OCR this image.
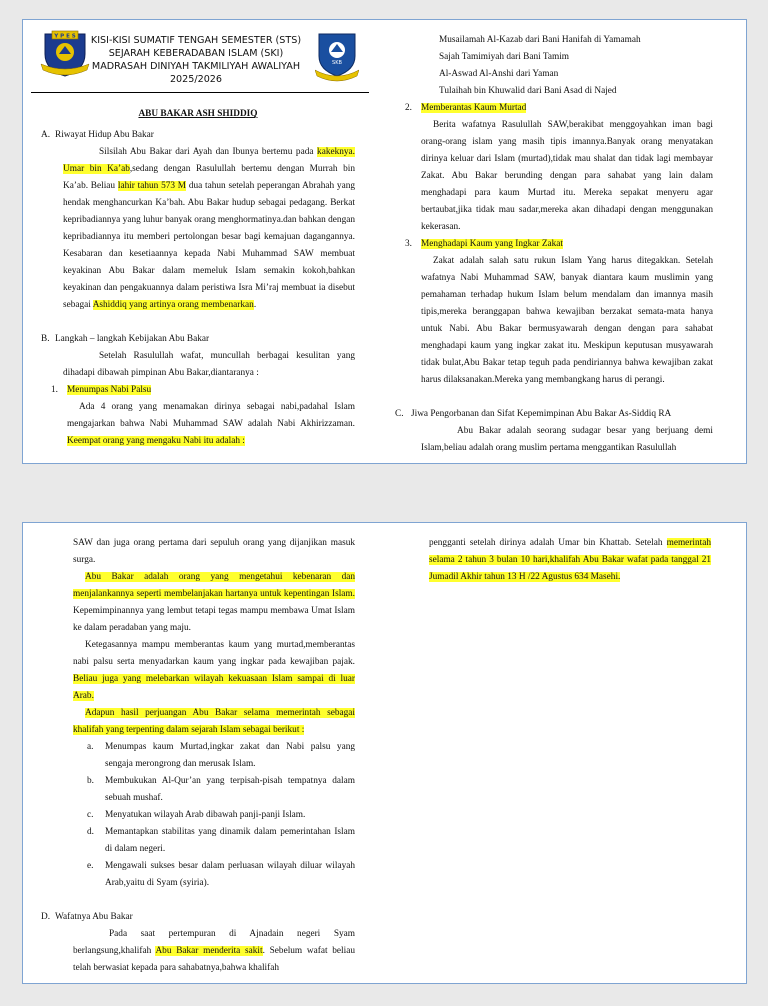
Y P E S	KISI-KISI SUMATIF TENGAH SEMESTER (STS)
SEJARAH KEBERADABAN ISLAM (SKI)
MADRASAH DINIYAH TAKMILIYAH AWALIYAH
2025/2026
SKB

ABU BAKAR ASH SHIDDIQ

A. Riwayat Hidup Abu Bakar

Silsilah Abu Bakar dari Ayah dan Ibunya bertemu pada kakeknya. Umar bin Ka’ab,sedang dengan Rasulullah bertemu dengan Murrah bin Ka’ab. Beliau lahir tahun 573 M dua tahun setelah peperangan Abrahah yang hendak menghancurkan Ka’bah. Abu Bakar hudup sebagai pedagang. Berkat kepribadiannya yang luhur banyak orang menghormatinya.dan bahkan dengan kepribadiannya itu memberi pertolongan besar bagi kemajuan dagangannya. Kesabaran dan kesetiaannya kepada Nabi Muhammad SAW membuat keyakinan Abu Bakar dalam memeluk Islam semakin kokoh,bahkan keyakinan dan pengakuannya dalam peristiwa Isra Mi’raj membuat ia disebut sebagai Ashiddiq yang artinya orang membenarkan.

B. Langkah – langkah Kebijakan Abu Bakar

Setelah Rasulullah wafat, muncullah berbagai kesulitan yang dihadapi dibawah pimpinan Abu Bakar,diantaranya :

1. Menumpas Nabi Palsu

Ada 4 orang yang menamakan dirinya sebagai nabi,padahal Islam mengajarkan bahwa Nabi Muhammad SAW adalah Nabi Akhirizzaman. Keempat orang yang mengaku Nabi itu adalah :

Musailamah Al-Kazab dari Bani Hanifah di Yamamah
Sajah Tamimiyah dari Bani Tamim
Al-Aswad Al-Anshi dari Yaman
Tulaihah bin Khuwalid dari Bani Asad di Najed

2. Memberantas Kaum Murtad

Berita wafatnya Rasulullah SAW,berakibat menggoyahkan iman bagi orang-orang islam yang masih tipis imannya.Banyak orang menyatakan dirinya keluar dari Islam (murtad),tidak mau shalat dan tidak lagi membayar Zakat. Abu Bakar berunding dengan para sahabat yang lain dalam menghadapi para kaum Murtad itu. Mereka sepakat menyeru agar bertaubat,jika tidak mau sadar,mereka akan dihadapi dengan menggunakan kekerasan.

3. Menghadapi Kaum yang Ingkar Zakat

Zakat adalah salah satu rukun Islam Yang harus ditegakkan. Setelah wafatnya Nabi Muhammad SAW, banyak diantara kaum muslimin yang pemahaman terhadap hukum Islam belum mendalam dan imannya masih tipis,mereka beranggapan bahwa kewajiban berzakat semata-mata hanya untuk Nabi. Abu Bakar bermusyawarah dengan dengan para sahabat menghadapi kaum yang ingkar zakat itu. Meskipun keputusan musyawarah tidak bulat,Abu Bakar tetap teguh pada pendiriannya bahwa kewajiban zakat harus dilaksanakan.Mereka yang membangkang harus di perangi.

C. Jiwa Pengorbanan dan Sifat Kepemimpinan Abu Bakar As-Siddiq RA

Abu Bakar adalah seorang sudagar besar yang berjuang demi Islam,beliau adalah orang muslim pertama menggantikan Rasulullah

SAW dan juga orang pertama dari sepuluh orang yang dijanjikan masuk surga.

Abu Bakar adalah orang yang mengetahui kebenaran dan menjalankannya seperti membelanjakan hartanya untuk kepentingan Islam. Kepemimpinannya yang lembut tetapi tegas mampu membawa Umat Islam ke dalam peradaban yang maju.

Ketegasannya mampu memberantas kaum yang murtad,memberantas nabi palsu serta menyadarkan kaum yang ingkar pada kewajiban pajak. Beliau juga yang melebarkan wilayah kekuasaan Islam sampai di luar Arab.

Adapun hasil perjuangan Abu Bakar selama memerintah sebagai khalifah yang terpenting dalam sejarah Islam sebagai berikut :

a. Menumpas kaum Murtad,ingkar zakat dan Nabi palsu yang sengaja merongrong dan merusak Islam.

b. Membukukan Al-Qur’an yang terpisah-pisah tempatnya dalam sebuah mushaf.

c. Menyatukan wilayah Arab dibawah panji-panji Islam.

d. Memantapkan stabilitas yang dinamik dalam pemerintahan Islam di dalam negeri.

e. Mengawali sukses besar dalam perluasan wilayah diluar wilayah Arab,yaitu di Syam (syiria).

D. Wafatnya Abu Bakar

Pada saat pertempuran di Ajnadain negeri Syam berlangsung,khalifah Abu Bakar menderita sakit. Sebelum wafat beliau telah berwasiat kepada para sahabatnya,bahwa khalifah

pengganti setelah dirinya adalah Umar bin Khattab. Setelah memerintah selama 2 tahun 3 bulan 10 hari,khalifah Abu Bakar wafat pada tanggal 21 Jumadil Akhir tahun 13 H /22 Agustus 634 Masehi.
